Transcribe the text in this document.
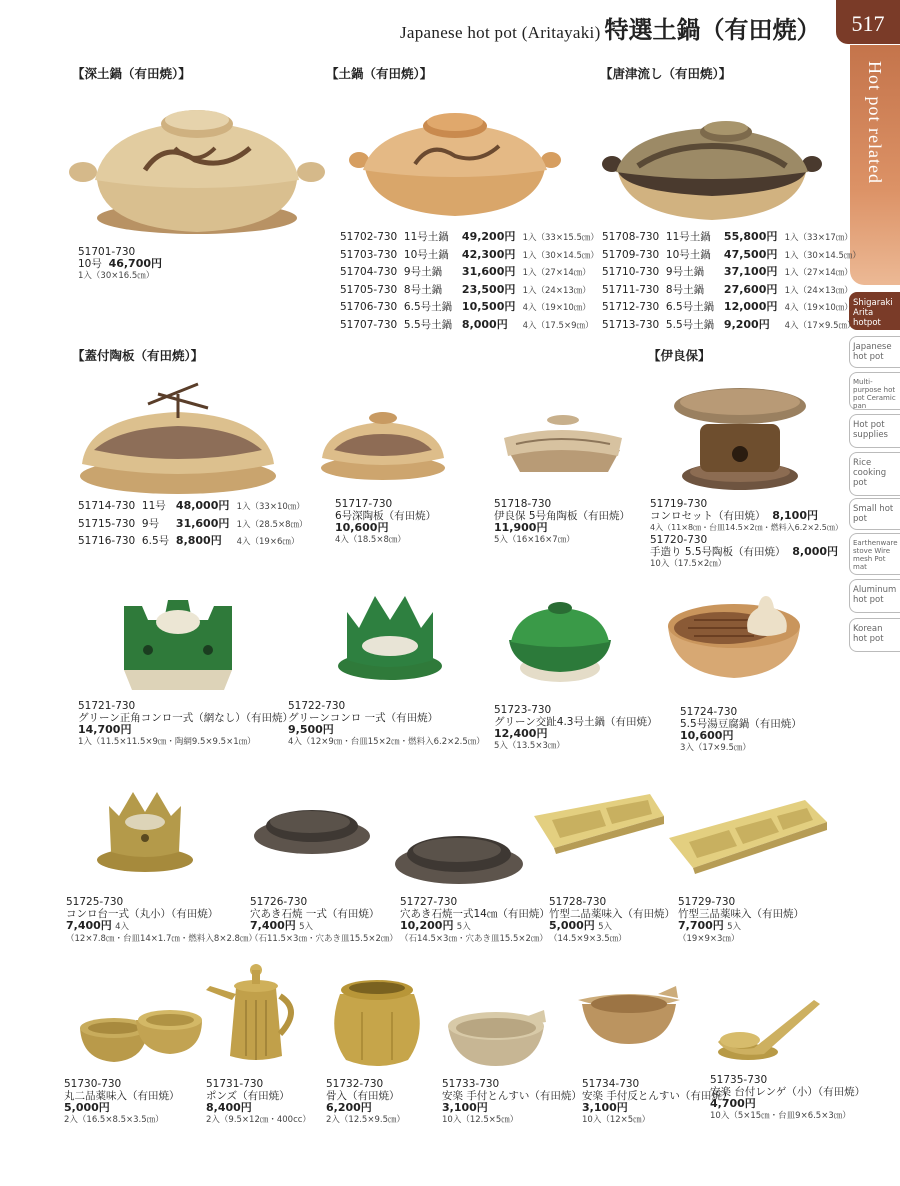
Japanese hot pot (Aritayaki) 特選土鍋（有田焼）	517
Hot pot related
Shigaraki Arita hotpot
Japanese hot pot
Multi-purpose hot pot Ceramic pan
Hot pot supplies
Rice cooking pot
Small hot pot
Earthenware stove Wire mesh Pot mat
Aluminum hot pot
Korean hot pot
【深土鍋（有田焼）】	【土鍋（有田焼）】	【唐津流し（有田焼）】
【蓋付陶板（有田焼）】	【伊良保】
51701-730
10号 46,700円
1入（30×16.5㎝）
51702-730 11号土鍋 49,200円 1入（33×15.5㎝）
51703-730 10号土鍋 42,300円 1入（30×14.5㎝）
51704-730 9号土鍋 31,600円 1入（27×14㎝）
51705-730 8号土鍋 23,500円 1入（24×13㎝）
51706-730 6.5号土鍋 10,500円 4入（19×10㎝）
51707-730 5.5号土鍋 8,000円 4入（17.5×9㎝）
51708-730 11号土鍋 55,800円 1入（33×17㎝）
51709-730 10号土鍋 47,500円 1入（30×14.5㎝）
51710-730 9号土鍋 37,100円 1入（27×14㎝）
51711-730 8号土鍋 27,600円 1入（24×13㎝）
51712-730 6.5号土鍋 12,000円 4入（19×10㎝）
51713-730 5.5号土鍋 9,200円 4入（17×9.5㎝）
51714-730 11号 48,000円 1入（33×10㎝）
51715-730 9号 31,600円 1入（28.5×8㎝）
51716-730 6.5号 8,800円 4入（19×6㎝）
51717-730
6号深陶板（有田焼）
10,600円
4入（18.5×8㎝）
51718-730
伊良保 5号角陶板（有田焼）
11,900円
5入（16×16×7㎝）
51719-730
コンロセット（有田焼） 8,100円
4入（11×8㎝・台皿14.5×2㎝・燃料入6.2×2.5㎝）
51720-730
手造り 5.5号陶板（有田焼） 8,000円
10入（17.5×2㎝）
51721-730
グリーン正角コンロ一式（網なし）（有田焼）
14,700円
1入（11.5×11.5×9㎝・陶網9.5×9.5×1㎝）
51722-730
グリーンコンロ 一式（有田焼）
9,500円
4入（12×9㎝・台皿15×2㎝・燃料入6.2×2.5㎝）
51723-730
グリーン交趾4.3号土鍋（有田焼）
12,400円
5入（13.5×3㎝）
51724-730
5.5号湯豆腐鍋（有田焼）
10,600円
3入（17×9.5㎝）
51725-730
コンロ台一式（丸小）（有田焼）
7,400円 4入
（12×7.8㎝・台皿14×1.7㎝・燃料入8×2.8㎝）
51726-730
穴あき石焼 一式（有田焼）
7,400円 5入
（石11.5×3㎝・穴あき皿15.5×2㎝）
51727-730
穴あき石焼一式14㎝（有田焼）
10,200円 5入
（石14.5×3㎝・穴あき皿15.5×2㎝）
51728-730
竹型二品薬味入（有田焼）
5,000円 5入
（14.5×9×3.5㎝）
51729-730
竹型三品薬味入（有田焼）
7,700円 5入
（19×9×3㎝）
51730-730
丸二品薬味入（有田焼）
5,000円
2入（16.5×8.5×3.5㎝）
51731-730
ポンズ（有田焼）
8,400円
2入（9.5×12㎝・400cc）
51732-730
骨入（有田焼）
6,200円
2入（12.5×9.5㎝）
51733-730
安楽 手付とんすい（有田焼）
3,100円
10入（12.5×5㎝）
51734-730
安楽 手付反とんすい（有田焼）
3,100円
10入（12×5㎝）
51735-730
安楽 台付レンゲ（小）（有田焼）
4,700円
10入（5×15㎝・台皿9×6.5×3㎝）
